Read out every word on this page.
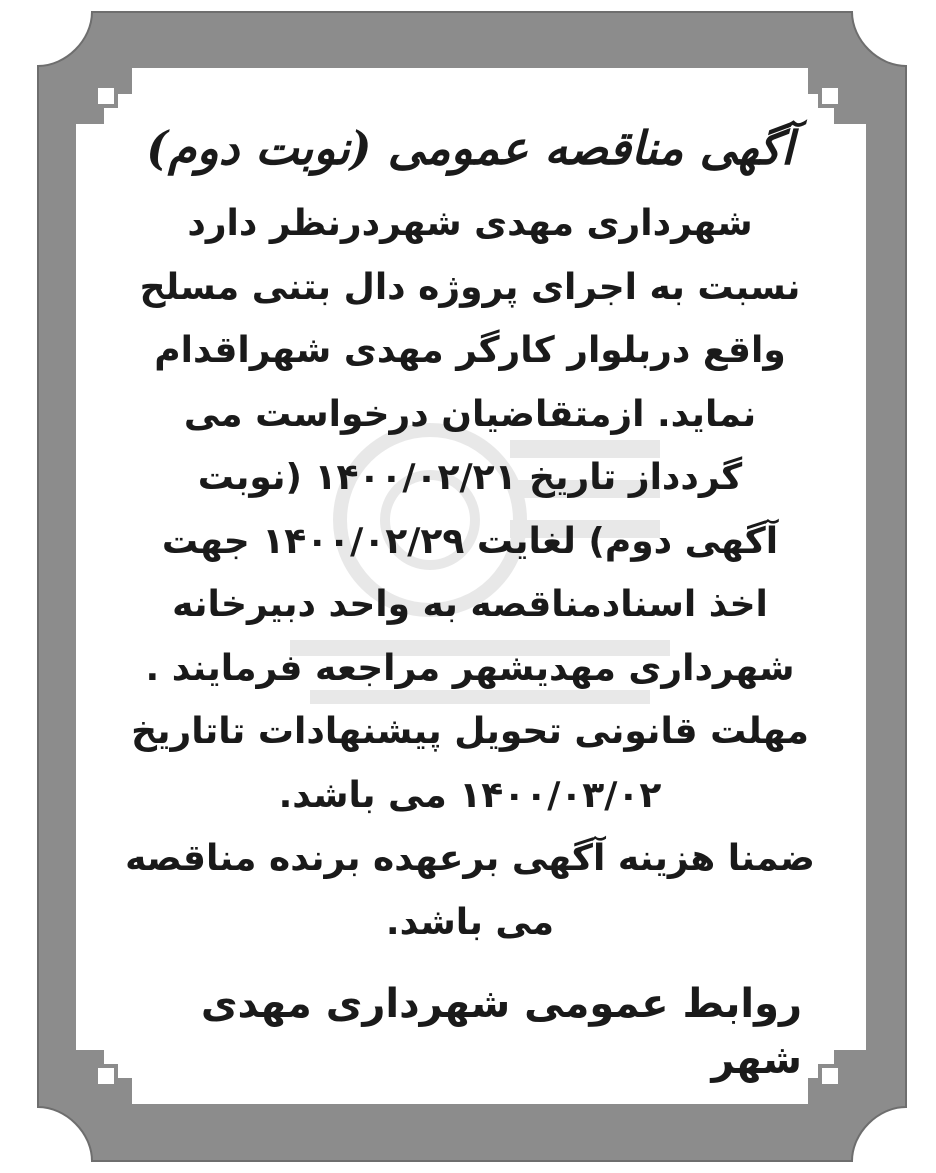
آگهی مناقصه عمومی (نوبت دوم)
شهرداری مهدی شهردرنظر دارد
نسبت به اجرای پروژه دال بتنی مسلح
واقع دربلوار کارگر مهدی شهراقدام
نماید. ازمتقاضیان درخواست می
گردداز تاریخ ۱۴۰۰/۰۲/۲۱ (نوبت
آگهی دوم) لغایت ۱۴۰۰/۰۲/۲۹ جهت
اخذ اسنادمناقصه به واحد دبیرخانه
شهرداری مهدیشهر مراجعه فرمایند .
مهلت قانونی تحویل پیشنهادات تاتاریخ
۱۴۰۰/۰۳/۰۲ می باشد.
ضمنا هزینه آگهی برعهده برنده مناقصه
می باشد.
روابط عمومی شهرداری مهدی شهر
